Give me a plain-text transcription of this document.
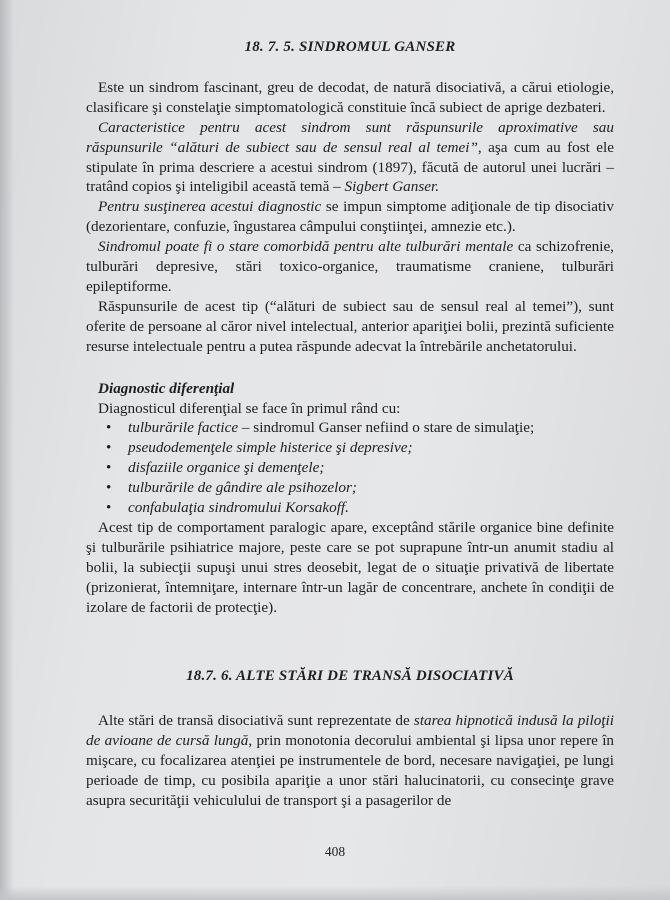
18. 7. 5. SINDROMUL GANSER

Este un sindrom fascinant, greu de decodat, de natură disociativă, a cărui etiologie, clasificare şi constelaţie simptomatologică constituie încă subiect de aprige dezbateri.

Caracteristice pentru acest sindrom sunt răspunsurile aproximative sau răspunsurile “alături de subiect sau de sensul real al temei”, aşa cum au fost ele stipulate în prima descriere a acestui sindrom (1897), făcută de autorul unei lucrări – tratând copios şi inteligibil această temă – Sigbert Ganser.

Pentru susţinerea acestui diagnostic se impun simptome adiţionale de tip disociativ (dezorientare, confuzie, îngustarea câmpului conştiinţei, amnezie etc.).

Sindromul poate fi o stare comorbidă pentru alte tulburări mentale ca schizofrenie, tulburări depresive, stări toxico-organice, traumatisme craniene, tulburări epileptiforme.

Răspunsurile de acest tip (“alături de subiect sau de sensul real al temei”), sunt oferite de persoane al căror nivel intelectual, anterior apariţiei bolii, prezintă suficiente resurse intelectuale pentru a putea răspunde adecvat la întrebările anchetatorului.

Diagnostic diferenţial

Diagnosticul diferenţial se face în primul rând cu:

• tulburările factice – sindromul Ganser nefiind o stare de simulaţie;
• pseudodemenţele simple histerice şi depresive;
• disfaziile organice şi demenţele;
• tulburările de gândire ale psihozelor;
• confabulaţia sindromului Korsakoff.

Acest tip de comportament paralogic apare, exceptând stările organice bine definite şi tulburările psihiatrice majore, peste care se pot suprapune într-un anumit stadiu al bolii, la subiecţii supuşi unui stres deosebit, legat de o situaţie privativă de libertate (prizonierat, întemniţare, internare într-un lagăr de concentrare, anchete în condiţii de izolare de factorii de protecţie).

18.7. 6. ALTE STĂRI DE TRANSĂ DISOCIATIVĂ

Alte stări de transă disociativă sunt reprezentate de starea hipnotică indusă la piloţii de avioane de cursă lungă, prin monotonia decorului ambiental şi lipsa unor repere în mişcare, cu focalizarea atenţiei pe instrumentele de bord, necesare navigaţiei, pe lungi perioade de timp, cu posibila apariţie a unor stări halucinatorii, cu consecinţe grave asupra securităţii vehiculului de transport şi a pasagerilor de

408
